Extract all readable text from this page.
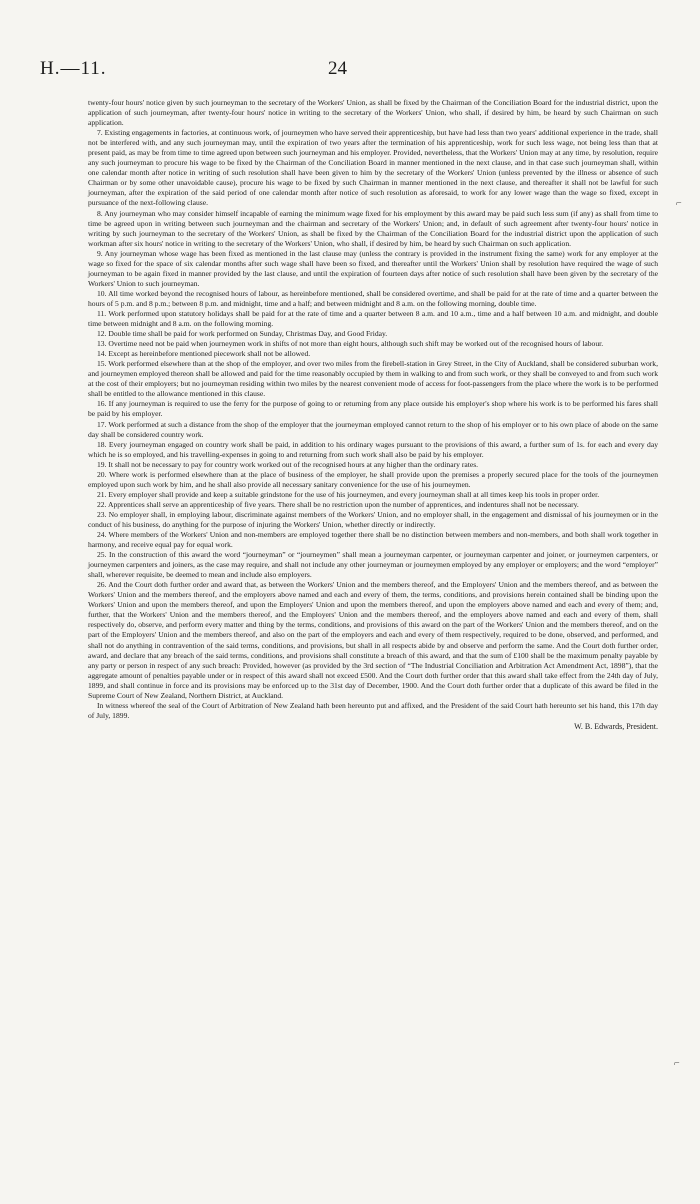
H.—11.	24

twenty-four hours' notice given by such journeyman to the secretary of the Workers' Union, as shall be fixed by the Chairman of the Conciliation Board for the industrial district, upon the application of such journeyman, after twenty-four hours' notice in writing to the secretary of the Workers' Union, who shall, if desired by him, be heard by such Chairman on such application.

7. Existing engagements in factories, at continuous work, of journeymen who have served their apprenticeship, but have had less than two years' additional experience in the trade, shall not be interfered with, and any such journeyman may, until the expiration of two years after the termination of his apprenticeship, work for such less wage, not being less than that at present paid, as may be from time to time agreed upon between such journeyman and his employer. Provided, nevertheless, that the Workers' Union may at any time, by resolution, require any such journeyman to procure his wage to be fixed by the Chairman of the Conciliation Board in manner mentioned in the next clause, and in that case such journeyman shall, within one calendar month after notice in writing of such resolution shall have been given to him by the secretary of the Workers' Union (unless prevented by the illness or absence of such Chairman or by some other unavoidable cause), procure his wage to be fixed by such Chairman in manner mentioned in the next clause, and thereafter it shall not be lawful for such journeyman, after the expiration of the said period of one calendar month after notice of such resolution as aforesaid, to work for any lower wage than the wage so fixed, except in pursuance of the next-following clause.

8. Any journeyman who may consider himself incapable of earning the minimum wage fixed for his employment by this award may be paid such less sum (if any) as shall from time to time be agreed upon in writing between such journeyman and the chairman and secretary of the Workers' Union; and, in default of such agreement after twenty-four hours' notice in writing by such journeyman to the secretary of the Workers' Union, as shall be fixed by the Chairman of the Conciliation Board for the industrial district upon the application of such workman after six hours' notice in writing to the secretary of the Workers' Union, who shall, if desired by him, be heard by such Chairman on such application.

9. Any journeyman whose wage has been fixed as mentioned in the last clause may (unless the contrary is provided in the instrument fixing the same) work for any employer at the wage so fixed for the space of six calendar months after such wage shall have been so fixed, and thereafter until the Workers' Union shall by resolution have required the wage of such journeyman to be again fixed in manner provided by the last clause, and until the expiration of fourteen days after notice of such resolution shall have been given by the secretary of the Workers' Union to such journeyman.

10. All time worked beyond the recognised hours of labour, as hereinbefore mentioned, shall be considered overtime, and shall be paid for at the rate of time and a quarter between the hours of 5 p.m. and 8 p.m.; between 8 p.m. and midnight, time and a half; and between midnight and 8 a.m. on the following morning, double time.

11. Work performed upon statutory holidays shall be paid for at the rate of time and a quarter between 8 a.m. and 10 a.m., time and a half between 10 a.m. and midnight, and double time between midnight and 8 a.m. on the following morning.

12. Double time shall be paid for work performed on Sunday, Christmas Day, and Good Friday.

13. Overtime need not be paid when journeymen work in shifts of not more than eight hours, although such shift may be worked out of the recognised hours of labour.

14. Except as hereinbefore mentioned piecework shall not be allowed.

15. Work performed elsewhere than at the shop of the employer, and over two miles from the firebell-station in Grey Street, in the City of Auckland, shall be considered suburban work, and journeymen employed thereon shall be allowed and paid for the time reasonably occupied by them in walking to and from such work, or they shall be conveyed to and from such work at the cost of their employers; but no journeyman residing within two miles by the nearest convenient mode of access for foot-passengers from the place where the work is to be performed shall be entitled to the allowance mentioned in this clause.

16. If any journeyman is required to use the ferry for the purpose of going to or returning from any place outside his employer's shop where his work is to be performed his fares shall be paid by his employer.

17. Work performed at such a distance from the shop of the employer that the journeyman employed cannot return to the shop of his employer or to his own place of abode on the same day shall be considered country work.

18. Every journeyman engaged on country work shall be paid, in addition to his ordinary wages pursuant to the provisions of this award, a further sum of 1s. for each and every day which he is so employed, and his travelling-expenses in going to and returning from such work shall also be paid by his employer.

19. It shall not be necessary to pay for country work worked out of the recognised hours at any higher than the ordinary rates.

20. Where work is performed elsewhere than at the place of business of the employer, he shall provide upon the premises a properly secured place for the tools of the journeymen employed upon such work by him, and he shall also provide all necessary sanitary convenience for the use of his journeymen.

21. Every employer shall provide and keep a suitable grindstone for the use of his journeymen, and every journeyman shall at all times keep his tools in proper order.

22. Apprentices shall serve an apprenticeship of five years. There shall be no restriction upon the number of apprentices, and indentures shall not be necessary.

23. No employer shall, in employing labour, discriminate against members of the Workers' Union, and no employer shall, in the engagement and dismissal of his journeymen or in the conduct of his business, do anything for the purpose of injuring the Workers' Union, whether directly or indirectly.

24. Where members of the Workers' Union and non-members are employed together there shall be no distinction between members and non-members, and both shall work together in harmony, and receive equal pay for equal work.

25. In the construction of this award the word “journeyman” or “journeymen” shall mean a journeyman carpenter, or journeyman carpenter and joiner, or journeymen carpenters, or journeymen carpenters and joiners, as the case may require, and shall not include any other journeyman or journeymen employed by any employer or employers; and the word “employer” shall, wherever requisite, be deemed to mean and include also employers.

26. And the Court doth further order and award that, as between the Workers' Union and the members thereof, and the Employers' Union and the members thereof, and as between the Workers' Union and the members thereof, and the employers above named and each and every of them, the terms, conditions, and provisions herein contained shall be binding upon the Workers' Union and upon the members thereof, and upon the Employers' Union and upon the members thereof, and upon the employers above named and each and every of them; and, further, that the Workers' Union and the members thereof, and the Employers' Union and the members thereof, and the employers above named and each and every of them, shall respectively do, observe, and perform every matter and thing by the terms, conditions, and provisions of this award on the part of the Workers' Union and the members thereof, and on the part of the Employers' Union and the members thereof, and also on the part of the employers and each and every of them respectively, required to be done, observed, and performed, and shall not do anything in contravention of the said terms, conditions, and provisions, but shall in all respects abide by and observe and perform the same. And the Court doth further order, award, and declare that any breach of the said terms, conditions, and provisions shall constitute a breach of this award, and that the sum of £100 shall be the maximum penalty payable by any party or person in respect of any such breach: Provided, however (as provided by the 3rd section of “The Industrial Conciliation and Arbitration Act Amendment Act, 1898”), that the aggregate amount of penalties payable under or in respect of this award shall not exceed £500. And the Court doth further order that this award shall take effect from the 24th day of July, 1899, and shall continue in force and its provisions may be enforced up to the 31st day of December, 1900. And the Court doth further order that a duplicate of this award be filed in the Supreme Court of New Zealand, Northern District, at Auckland.

In witness whereof the seal of the Court of Arbitration of New Zealand hath been hereunto put and affixed, and the President of the said Court hath hereunto set his hand, this 17th day of July, 1899.

W. B. Edwards, President.

⌐
⌐
